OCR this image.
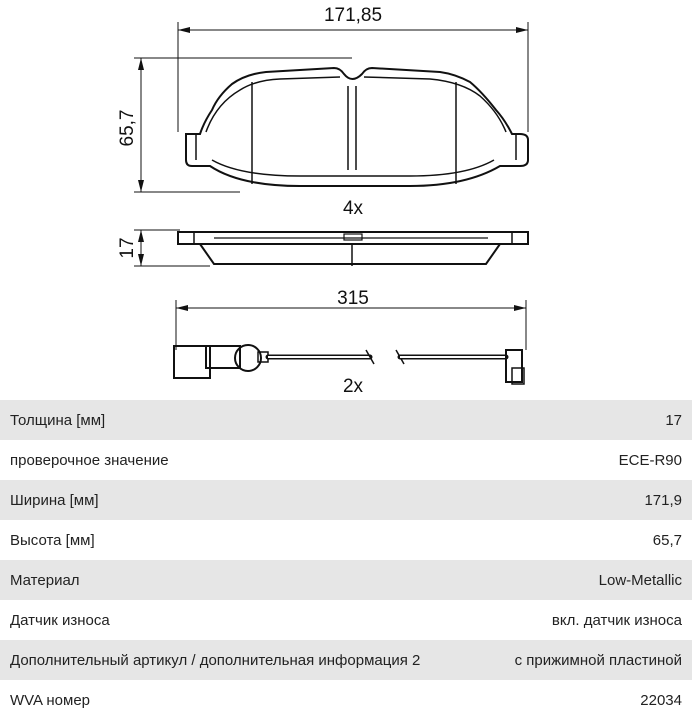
171,85
65,7
4x
17
315
2x
Толщина [мм]	17
проверочное значение	ECE-R90
Ширина [мм]	171,9
Высота [мм]	65,7
Материал	Low-Metallic
Датчик износа	вкл. датчик износа
Дополнительный артикул / дополнительная информация 2	с прижимной пластиной
WVA номер	22034
